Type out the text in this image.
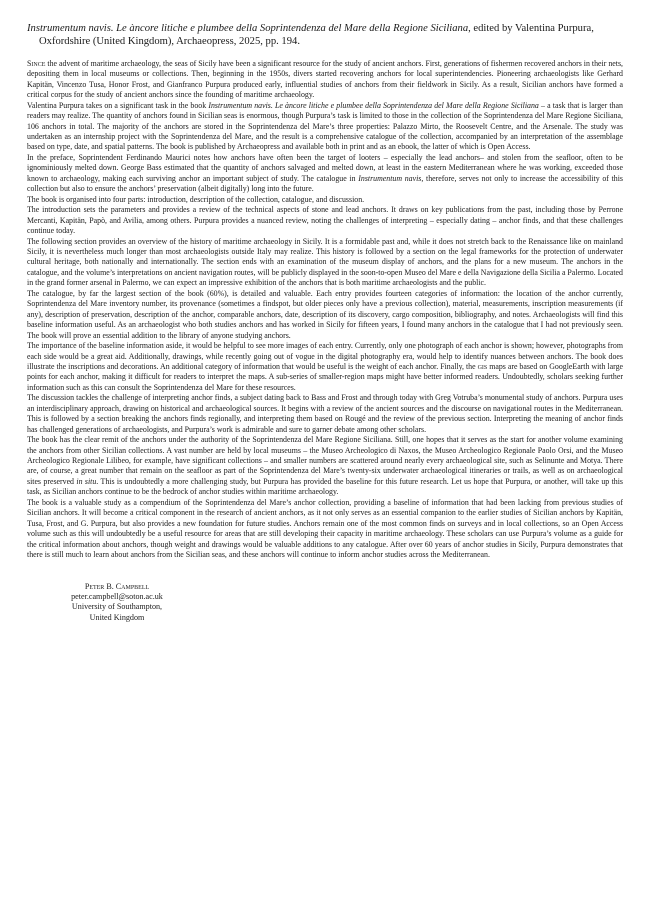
Instrumentum navis. Le àncore litiche e plumbee della Soprintendenza del Mare della Regione Siciliana, edited by Valentina Purpura, Oxfordshire (United Kingdom), Archaeopress, 2025, pp. 194.

Since the advent of maritime archaeology, the seas of Sicily have been a significant resource for the study of ancient anchors. First, generations of fishermen recovered anchors in their nets, depositing them in local museums or collections. Then, beginning in the 1950s, divers started recovering anchors for local superintendencies. Pioneering archaeologists like Gerhard Kapitän, Vincenzo Tusa, Honor Frost, and Gianfranco Purpura produced early, influential studies of anchors from their fieldwork in Sicily. As a result, Sicilian anchors have formed a critical corpus for the study of ancient anchors since the founding of maritime archaeology.

Valentina Purpura takes on a significant task in the book Instrumentum navis. Le àncore litiche e plumbee della Soprintendenza del Mare della Regione Siciliana – a task that is larger than readers may realize. The quantity of anchors found in Sicilian seas is enormous, though Purpura’s task is limited to those in the collection of the Soprintendenza del Mare Regione Siciliana, 106 anchors in total. The majority of the anchors are stored in the Soprintendenza del Mare’s three properties: Palazzo Mirto, the Roosevelt Centre, and the Arsenale. The study was undertaken as an internship project with the Soprintendenza del Mare, and the result is a comprehensive catalogue of the collection, accompanied by an interpretation of the assemblage based on type, date, and spatial patterns. The book is published by Archaeopress and available both in print and as an ebook, the latter of which is Open Access.

In the preface, Soprintendent Ferdinando Maurici notes how anchors have often been the target of looters – especially the lead anchors– and stolen from the seafloor, often to be ignominiously melted down. George Bass estimated that the quantity of anchors salvaged and melted down, at least in the eastern Mediterranean where he was working, exceeded those known to archaeology, making each surviving anchor an important subject of study. The catalogue in Instrumentum navis, therefore, serves not only to increase the accessibility of this collection but also to ensure the anchors’ preservation (albeit digitally) long into the future.

The book is organised into four parts: introduction, description of the collection, catalogue, and discussion.

The introduction sets the parameters and provides a review of the technical aspects of stone and lead anchors. It draws on key publications from the past, including those by Perrone Mercanti, Kapitän, Papò, and Avilia, among others. Purpura provides a nuanced review, noting the challenges of interpreting – especially dating – anchor finds, and that these challenges continue today.

The following section provides an overview of the history of maritime archaeology in Sicily. It is a formidable past and, while it does not stretch back to the Renaissance like on mainland Sicily, it is nevertheless much longer than most archaeologists outside Italy may realize. This history is followed by a section on the legal frameworks for the protection of underwater cultural heritage, both nationally and internationally. The section ends with an examination of the museum display of anchors, and the plans for a new museum. The anchors in the catalogue, and the volume’s interpretations on ancient navigation routes, will be publicly displayed in the soon-to-open Museo del Mare e della Navigazione della Sicilia a Palermo. Located in the grand former arsenal in Palermo, we can expect an impressive exhibition of the anchors that is both maritime archaeologists and the public.

The catalogue, by far the largest section of the book (60%), is detailed and valuable. Each entry provides fourteen categories of information: the location of the anchor currently, Soprintendenza del Mare inventory number, its provenance (sometimes a findspot, but older pieces only have a previous collection), material, measurements, inscription measurements (if any), description of preservation, description of the anchor, comparable anchors, date, description of its discovery, cargo composition, bibliography, and notes. Archaeologists will find this baseline information useful. As an archaeologist who both studies anchors and has worked in Sicily for fifteen years, I found many anchors in the catalogue that I had not previously seen. The book will prove an essential addition to the library of anyone studying anchors.

The importance of the baseline information aside, it would be helpful to see more images of each entry. Currently, only one photograph of each anchor is shown; however, photographs from each side would be a great aid. Additionally, drawings, while recently going out of vogue in the digital photography era, would help to identify nuances between anchors. The book does illustrate the inscriptions and decorations. An additional category of information that would be useful is the weight of each anchor. Finally, the gis maps are based on GoogleEarth with large points for each anchor, making it difficult for readers to interpret the maps. A sub-series of smaller-region maps might have better informed readers. Undoubtedly, scholars seeking further information such as this can consult the Soprintendenza del Mare for these resources.

The discussion tackles the challenge of interpreting anchor finds, a subject dating back to Bass and Frost and through today with Greg Votruba’s monumental study of anchors. Purpura uses an interdisciplinary approach, drawing on historical and archaeological sources. It begins with a review of the ancient sources and the discourse on navigational routes in the Mediterranean. This is followed by a section breaking the anchors finds regionally, and interpreting them based on Rougé and the review of the previous section. Interpreting the meaning of anchor finds has challenged generations of archaeologists, and Purpura’s work is admirable and sure to garner debate among other scholars.

The book has the clear remit of the anchors under the authority of the Soprintendenza del Mare Regione Siciliana. Still, one hopes that it serves as the start for another volume examining the anchors from other Sicilian collections. A vast number are held by local museums – the Museo Archeologico di Naxos, the Museo Archeologico Regionale Paolo Orsi, and the Museo Archeologico Regionale Lilibeo, for example, have significant collections – and smaller numbers are scattered around nearly every archaeological site, such as Selinunte and Motya. There are, of course, a great number that remain on the seafloor as part of the Soprintendenza del Mare’s twenty-six underwater archaeological itineraries or trails, as well as on archaeological sites preserved in situ. This is undoubtedly a more challenging study, but Purpura has provided the baseline for this future research. Let us hope that Purpura, or another, will take up this task, as Sicilian anchors continue to be the bedrock of anchor studies within maritime archaeology.

The book is a valuable study as a compendium of the Soprintendenza del Mare’s anchor collection, providing a baseline of information that had been lacking from previous studies of Sicilian anchors. It will become a critical component in the research of ancient anchors, as it not only serves as an essential companion to the earlier studies of Sicilian anchors by Kapitän, Tusa, Frost, and G. Purpura, but also provides a new foundation for future studies. Anchors remain one of the most common finds on surveys and in local collections, so an Open Access volume such as this will undoubtedly be a useful resource for areas that are still developing their capacity in maritime archaeology. These scholars can use Purpura’s volume as a guide for the critical information about anchors, though weight and drawings would be valuable additions to any catalogue. After over 60 years of anchor studies in Sicily, Purpura demonstrates that there is still much to learn about anchors from the Sicilian seas, and these anchors will continue to inform anchor studies across the Mediterranean.

Peter B. Campbell
peter.campbell@soton.ac.uk
University of Southampton,
United Kingdom
